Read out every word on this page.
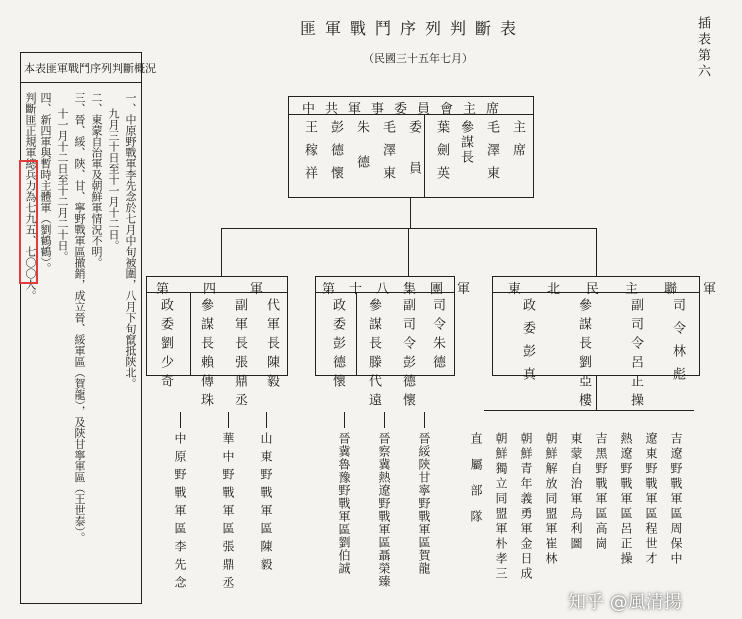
插表第六
匪軍戰鬥序列判斷表
（民國三十五年七月）
本表匪軍戰鬥序列判斷概況
一、中原野戰軍李先念於七月中旬被圍，八月下旬竄抵陝北。
九月三十日至十一月十二日。
二、東蒙自治軍及朝鮮軍情況不明。
三、晉、綏、陝、甘、寧野戰軍區撤銷，成立晉、綏軍區（賀龍），及陝甘寧軍區（王世泰）。
十一月十二日至十二月二十日。
四、新四軍與暫時主體軍（劉鶴鶴）。
判斷匪正規軍總兵力為七九五、七〇〇人。	中共軍事委員會主席
主席
毛澤東
參謀長
葉劍英
委員
毛澤東
朱德
彭德懷
王稼祥
第四軍
代軍長陳毅
副軍長張鼎丞
參謀長賴傳珠
政委劉少奇
第十八集團軍
司令朱德
副司令彭德懷
參謀長滕代遠
政委彭德懷
東北民主聯軍
司令林彪
副司令呂正操
參謀長劉亞樓
政委彭真
山東野戰軍區陳毅
華中野戰軍區張鼎丞
中原野戰軍區李先念	晉綏陝甘寧野戰軍區賀龍
晉察冀熱遼野戰軍區聶榮臻
晉冀魯豫野戰軍區劉伯誠	吉遼野戰軍區周保中
遼東野戰軍區程世才
熱遼野戰軍區呂正操
吉黑野戰軍區高崗
東蒙自治軍烏利圖
朝鮮解放同盟軍崔林
朝鮮青年義勇軍金日成
朝鮮獨立同盟軍朴孝三
直屬部隊
知乎 @風清揚
